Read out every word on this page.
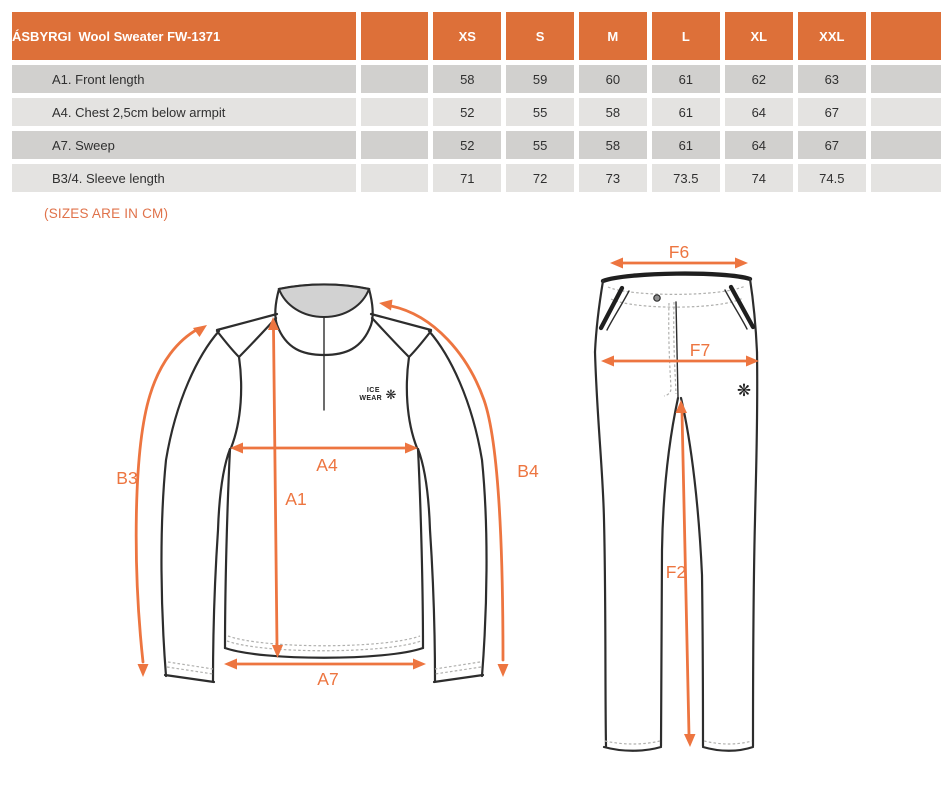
ÁSBYRGI  Wool Sweater FW-1371		XS	S	M	L	XL	XXL	
A1. Front length		58	59	60	61	62	63	
A4. Chest 2,5cm below armpit		52	55	58	61	64	67	
A7. Sweep		52	55	58	61	64	67	
B3/4. Sleeve length		71	72	73	73.5	74	74.5	
(SIZES ARE IN CM)
ICE
WEAR ❋
B3
A4
A1
B4
A7
❋
F6
F7
F2
